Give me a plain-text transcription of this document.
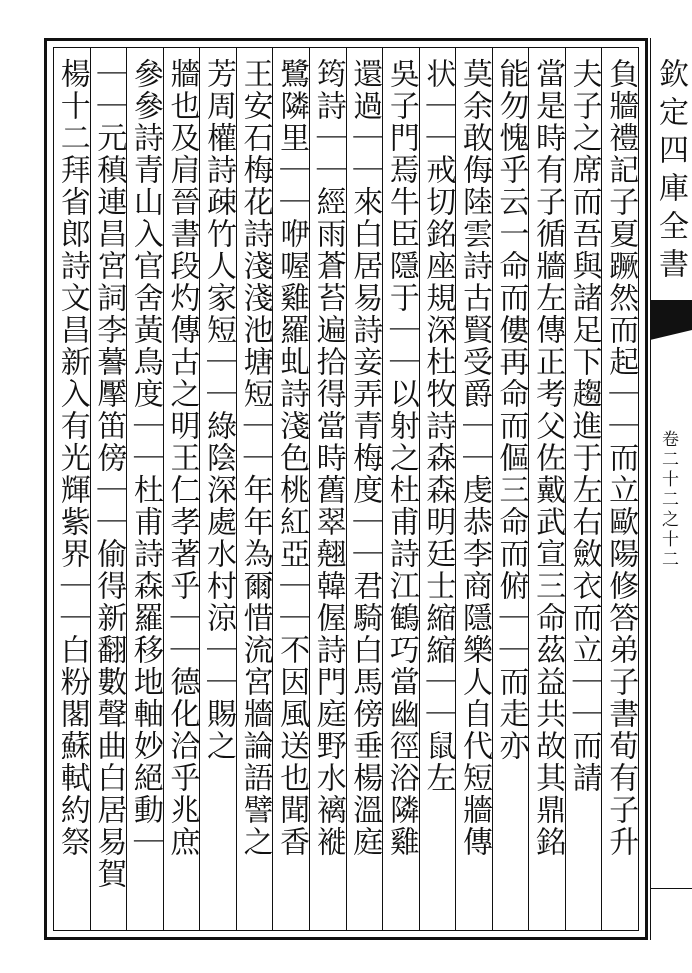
欽定四庫全書
卷二十二之十二
負牆禮記子夏蹶然而起｜｜而立歐陽修答弟子書荀有子升
夫子之席而吾與諸足下趨進于左右斂衣而立｜｜而請
當是時有子循牆左傳正考父佐戴武宣三命茲益共故其鼎銘
能勿愧乎云一命而僂再命而傴三命而俯｜｜而走亦
莫余敢侮陸雲詩古賢受爵｜｜虔恭李商隱樂人自代短牆傳
状｜｜戒切銘座規深杜牧詩森森明廷士縮縮｜｜鼠左
吳子門焉牛臣隱于｜｜以射之杜甫詩江鶴巧當幽徑浴隣雞
還過｜｜來白居易詩妾弄青梅度｜｜君騎白馬傍垂楊溫庭
筠詩｜｜經雨蒼苔遍拾得當時舊翠翹韓偓詩門庭野水褵褷
鷺隣里｜｜咿喔雞羅虬詩淺色桃紅亞｜｜不因風送也聞香
王安石梅花詩淺淺池塘短｜｜年年為爾惜流宮牆論語譬之
芳周權詩疎竹人家短｜｜綠陰深處水村涼｜｜賜之
牆也及肩晉書段灼傳古之明王仁孝著乎｜｜德化洽乎兆庶
參參詩青山入官舍黃鳥度｜｜杜甫詩森羅移地軸妙絕動｜
｜｜元稹連昌宮詞李謩擪笛傍｜｜偷得新翻數聲曲白居易賀
楊十二拜省郎詩文昌新入有光輝紫界｜｜白粉閣蘇軾約祭
